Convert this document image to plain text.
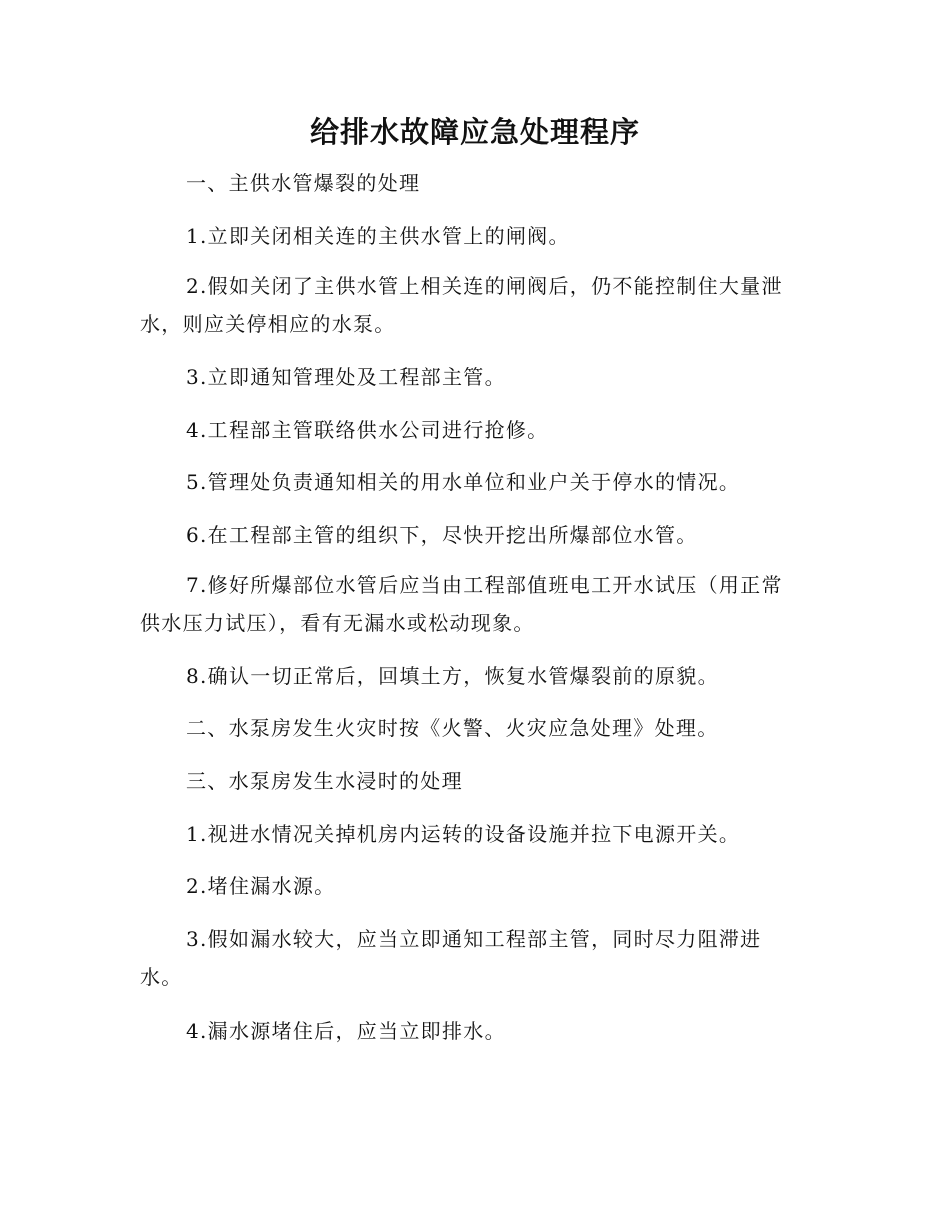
给排水故障应急处理程序

一、主供水管爆裂的处理

1.立即关闭相关连的主供水管上的闸阀。

2.假如关闭了主供水管上相关连的闸阀后，仍不能控制住大量泄水，则应关停相应的水泵。

3.立即通知管理处及工程部主管。

4.工程部主管联络供水公司进行抢修。

5.管理处负责通知相关的用水单位和业户关于停水的情况。

6.在工程部主管的组织下，尽快开挖出所爆部位水管。

7.修好所爆部位水管后应当由工程部值班电工开水试压（用正常供水压力试压），看有无漏水或松动现象。

8.确认一切正常后，回填土方，恢复水管爆裂前的原貌。

二、水泵房发生火灾时按《火警、火灾应急处理》处理。

三、水泵房发生水浸时的处理

1.视进水情况关掉机房内运转的设备设施并拉下电源开关。

2.堵住漏水源。

3.假如漏水较大，应当立即通知工程部主管，同时尽力阻滞进水。

4.漏水源堵住后，应当立即排水。
